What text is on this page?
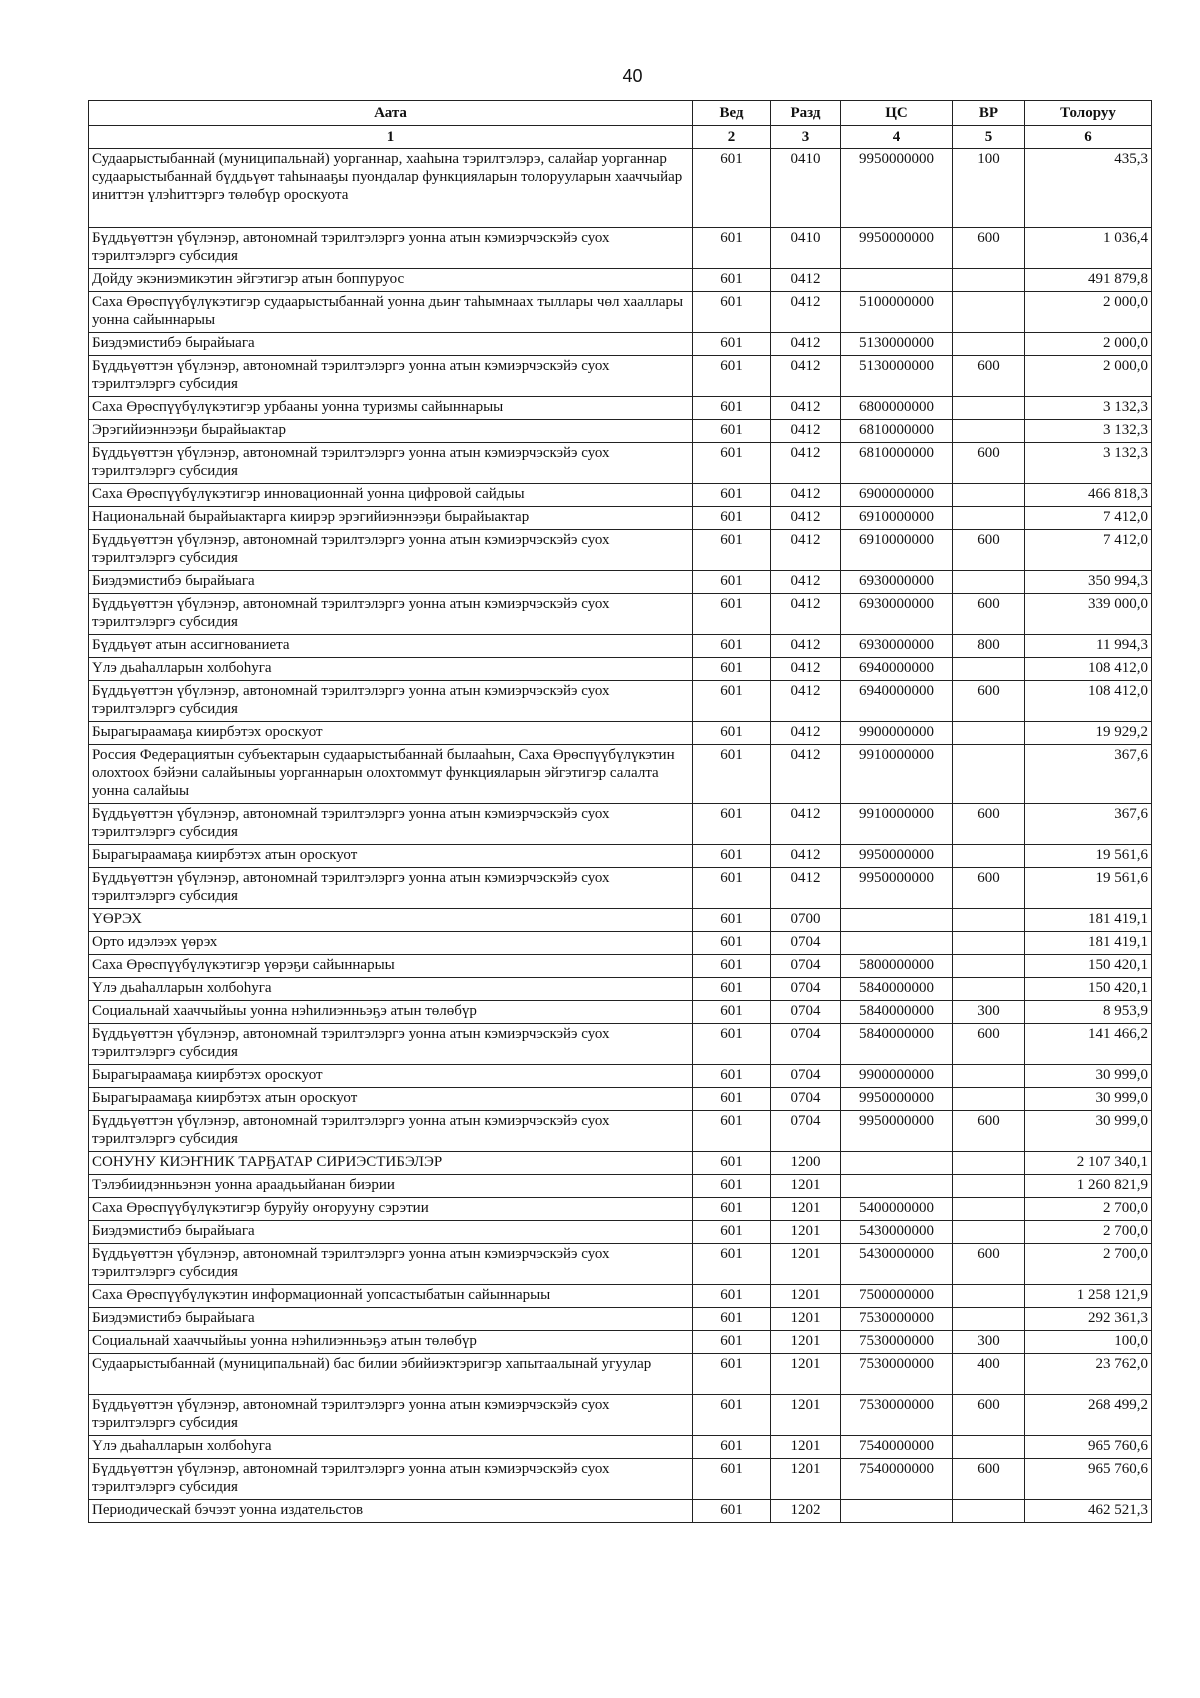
40
Аата	Вед	Разд	ЦС	ВР	Толоруу
1	2	3	4	5	6
Судаарыстыбаннай (муниципальнай) уорганнар, хааһына тэрилтэлэрэ, салайар уорганнар судаарыстыбаннай бүддьүөт таһынааҕы пуондалар функцияларын толорууларын хааччыйар иниттэн үлэһиттэргэ төлөбүр ороскуота	601	0410	9950000000	100	435,3
Бүддьүөттэн үбүлэнэр, автономнай тэрилтэлэргэ уонна атын кэмиэрчэскэйэ суох тэрилтэлэргэ субсидия	601	0410	9950000000	600	1 036,4
Дойду экэниэмикэтин эйгэтигэр атын боппуруос	601	0412			491 879,8
Саха Өрөспүүбүлүкэтигэр судаарыстыбаннай уонна дьиҥ таһымнаах тыллары чөл хааллары уонна сайыннарыы	601	0412	5100000000		2 000,0
Биэдэмистибэ бырайыага	601	0412	5130000000		2 000,0
Бүддьүөттэн үбүлэнэр, автономнай тэрилтэлэргэ уонна атын кэмиэрчэскэйэ суох тэрилтэлэргэ субсидия	601	0412	5130000000	600	2 000,0
Саха Өрөспүүбүлүкэтигэр урбааны уонна туризмы сайыннарыы	601	0412	6800000000		3 132,3
Эрэгийиэннээҕи бырайыактар	601	0412	6810000000		3 132,3
Бүддьүөттэн үбүлэнэр, автономнай тэрилтэлэргэ уонна атын кэмиэрчэскэйэ суох тэрилтэлэргэ субсидия	601	0412	6810000000	600	3 132,3
Саха Өрөспүүбүлүкэтигэр инновационнай уонна цифровой сайдыы	601	0412	6900000000		466 818,3
Национальнай бырайыактарга киирэр эрэгийиэннээҕи бырайыактар	601	0412	6910000000		7 412,0
Бүддьүөттэн үбүлэнэр, автономнай тэрилтэлэргэ уонна атын кэмиэрчэскэйэ суох тэрилтэлэргэ субсидия	601	0412	6910000000	600	7 412,0
Биэдэмистибэ бырайыага	601	0412	6930000000		350 994,3
Бүддьүөттэн үбүлэнэр, автономнай тэрилтэлэргэ уонна атын кэмиэрчэскэйэ суох тэрилтэлэргэ субсидия	601	0412	6930000000	600	339 000,0
Бүддьүөт атын ассигнованиета	601	0412	6930000000	800	11 994,3
Үлэ дьаһалларын холбоһуга	601	0412	6940000000		108 412,0
Бүддьүөттэн үбүлэнэр, автономнай тэрилтэлэргэ уонна атын кэмиэрчэскэйэ суох тэрилтэлэргэ субсидия	601	0412	6940000000	600	108 412,0
Бырагыраамаҕа киирбэтэх ороскуот	601	0412	9900000000		19 929,2
Россия Федерациятын субъектарын судаарыстыбаннай былааһын, Саха Өрөспүүбүлүкэтин олохтоох бэйэни салайыныы уорганнарын олохтоммут функцияларын эйгэтигэр салалта уонна салайыы	601	0412	9910000000		367,6
Бүддьүөттэн үбүлэнэр, автономнай тэрилтэлэргэ уонна атын кэмиэрчэскэйэ суох тэрилтэлэргэ субсидия	601	0412	9910000000	600	367,6
Бырагыраамаҕа киирбэтэх атын ороскуот	601	0412	9950000000		19 561,6
Бүддьүөттэн үбүлэнэр, автономнай тэрилтэлэргэ уонна атын кэмиэрчэскэйэ суох тэрилтэлэргэ субсидия	601	0412	9950000000	600	19 561,6
ҮӨРЭХ	601	0700			181 419,1
Орто идэлээх үөрэх	601	0704			181 419,1
Саха Өрөспүүбүлүкэтигэр үөрэҕи сайыннарыы	601	0704	5800000000		150 420,1
Үлэ дьаһалларын холбоһуга	601	0704	5840000000		150 420,1
Социальнай хааччыйыы уонна нэһилиэнньэҕэ атын төлөбүр	601	0704	5840000000	300	8 953,9
Бүддьүөттэн үбүлэнэр, автономнай тэрилтэлэргэ уонна атын кэмиэрчэскэйэ суох тэрилтэлэргэ субсидия	601	0704	5840000000	600	141 466,2
Бырагыраамаҕа киирбэтэх ороскуот	601	0704	9900000000		30 999,0
Бырагыраамаҕа киирбэтэх атын ороскуот	601	0704	9950000000		30 999,0
Бүддьүөттэн үбүлэнэр, автономнай тэрилтэлэргэ уонна атын кэмиэрчэскэйэ суох тэрилтэлэргэ субсидия	601	0704	9950000000	600	30 999,0
СОНУНУ КИЭҤНИК ТАРҔАТАР СИРИЭСТИБЭЛЭР	601	1200			2 107 340,1
Тэлэбиидэнньэнэн уонна араадьыйанан биэрии	601	1201			1 260 821,9
Саха Өрөспүүбүлүкэтигэр буруйу оҥорууну сэрэтии	601	1201	5400000000		2 700,0
Биэдэмистибэ бырайыага	601	1201	5430000000		2 700,0
Бүддьүөттэн үбүлэнэр, автономнай тэрилтэлэргэ уонна атын кэмиэрчэскэйэ суох тэрилтэлэргэ субсидия	601	1201	5430000000	600	2 700,0
Саха Өрөспүүбүлүкэтин информационнай уопсастыбатын сайыннарыы	601	1201	7500000000		1 258 121,9
Биэдэмистибэ бырайыага	601	1201	7530000000		292 361,3
Социальнай хааччыйыы уонна нэһилиэнньэҕэ атын төлөбүр	601	1201	7530000000	300	100,0
Судаарыстыбаннай (муниципальнай) бас билии эбийиэктэригэр хапытаалынай угуулар	601	1201	7530000000	400	23 762,0
Бүддьүөттэн үбүлэнэр, автономнай тэрилтэлэргэ уонна атын кэмиэрчэскэйэ суох тэрилтэлэргэ субсидия	601	1201	7530000000	600	268 499,2
Үлэ дьаһалларын холбоһуга	601	1201	7540000000		965 760,6
Бүддьүөттэн үбүлэнэр, автономнай тэрилтэлэргэ уонна атын кэмиэрчэскэйэ суох тэрилтэлэргэ субсидия	601	1201	7540000000	600	965 760,6
Периодическай бэчээт уонна издательстов	601	1202			462 521,3
